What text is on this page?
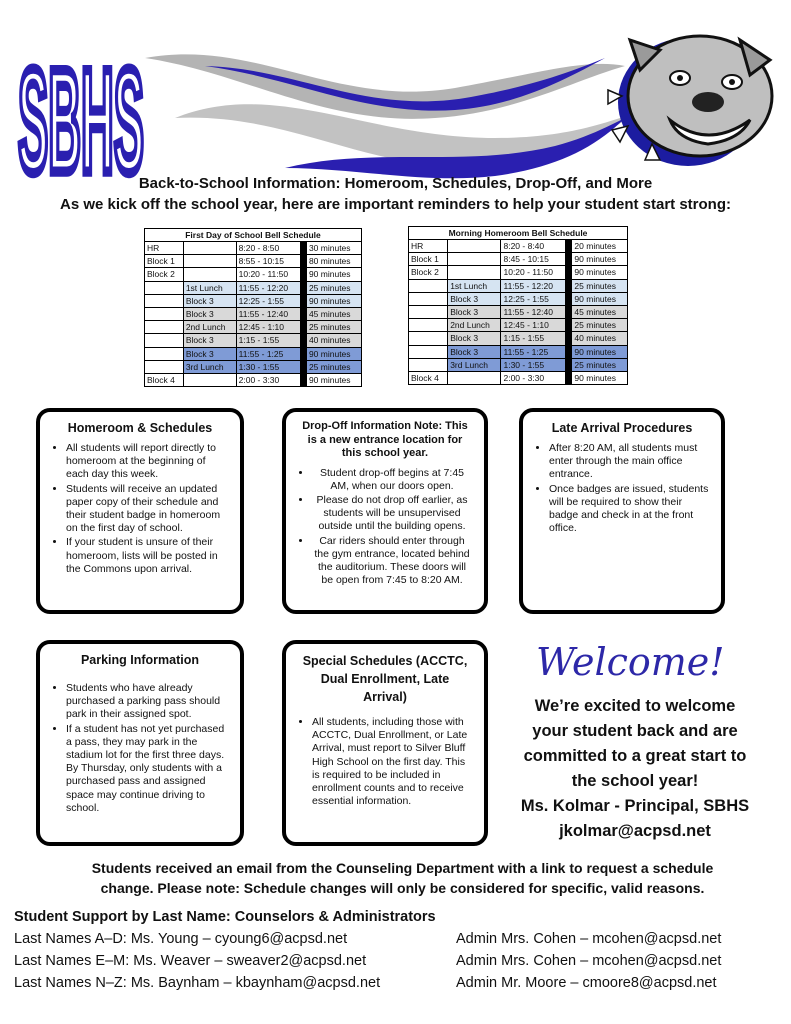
SBHS
Back-to-School Information: Homeroom, Schedules, Drop-Off, and More
As we kick off the school year, here are important reminders to help your student start strong:
First Day of School Bell Schedule				
HR		8:20 - 8:50		30 minutes
Block 1		8:55 - 10:15		80 minutes
Block 2		10:20 - 11:50		90 minutes
	1st Lunch	11:55 - 12:20		25 minutes
	Block 3	12:25 - 1:55		90 minutes
	Block 3	11:55 - 12:40		45 minutes
	2nd Lunch	12:45 - 1:10		25 minutes
	Block 3	1:15 - 1:55		40 minutes
	Block 3	11:55 - 1:25		90 minutes
	3rd Lunch	1:30 - 1:55		25 minutes
Block 4		2:00 - 3:30		90 minutes
Morning Homeroom Bell Schedule				
HR		8:20 - 8:40		20 minutes
Block 1		8:45 - 10:15		90 minutes
Block 2		10:20 - 11:50		90 minutes
	1st Lunch	11:55 - 12:20		25 minutes
	Block 3	12:25 - 1:55		90 minutes
	Block 3	11:55 - 12:40		45 minutes
	2nd Lunch	12:45 - 1:10		25 minutes
	Block 3	1:15 - 1:55		40 minutes
	Block 3	11:55 - 1:25		90 minutes
	3rd Lunch	1:30 - 1:55		25 minutes
Block 4		2:00 - 3:30		90 minutes
Homeroom & Schedules
• All students will report directly to homeroom at the beginning of each day this week.
• Students will receive an updated paper copy of their schedule and their student badge in homeroom on the first day of school.
• If your student is unsure of their homeroom, lists will be posted in the Commons upon arrival.
Drop-Off Information Note: This is a new entrance location for this school year.
• Student drop-off begins at 7:45 AM, when our doors open.
• Please do not drop off earlier, as students will be unsupervised outside until the building opens.
• Car riders should enter through the gym entrance, located behind the auditorium. These doors will be open from 7:45 to 8:20 AM.
Late Arrival Procedures
• After 8:20 AM, all students must enter through the main office entrance.
• Once badges are issued, students will be required to show their badge and check in at the front office.
Parking Information
• Students who have already purchased a parking pass should park in their assigned spot.
• If a student has not yet purchased a pass, they may park in the stadium lot for the first three days. By Thursday, only students with a purchased pass and assigned space may continue driving to school.
Special Schedules (ACCTC, Dual Enrollment, Late Arrival)
• All students, including those with ACCTC, Dual Enrollment, or Late Arrival, must report to Silver Bluff High School on the first day. This is required to be included in enrollment counts and to receive essential information.
Welcome!
We’re excited to welcome
your student back and are
committed to a great start to
the school year!
Ms. Kolmar - Principal, SBHS
jkolmar@acpsd.net
Students received an email from the Counseling Department with a link to request a schedule
change. Please note: Schedule changes will only be considered for specific, valid reasons.
Student Support by Last Name: Counselors & Administrators
Last Names A–D: Ms. Young – cyoung6@acpsd.net	Admin Mrs. Cohen – mcohen@acpsd.net
Last Names E–M: Ms. Weaver – sweaver2@acpsd.net	Admin Mrs. Cohen – mcohen@acpsd.net
Last Names N–Z: Ms. Baynham – kbaynham@acpsd.net	Admin Mr. Moore – cmoore8@acpsd.net
